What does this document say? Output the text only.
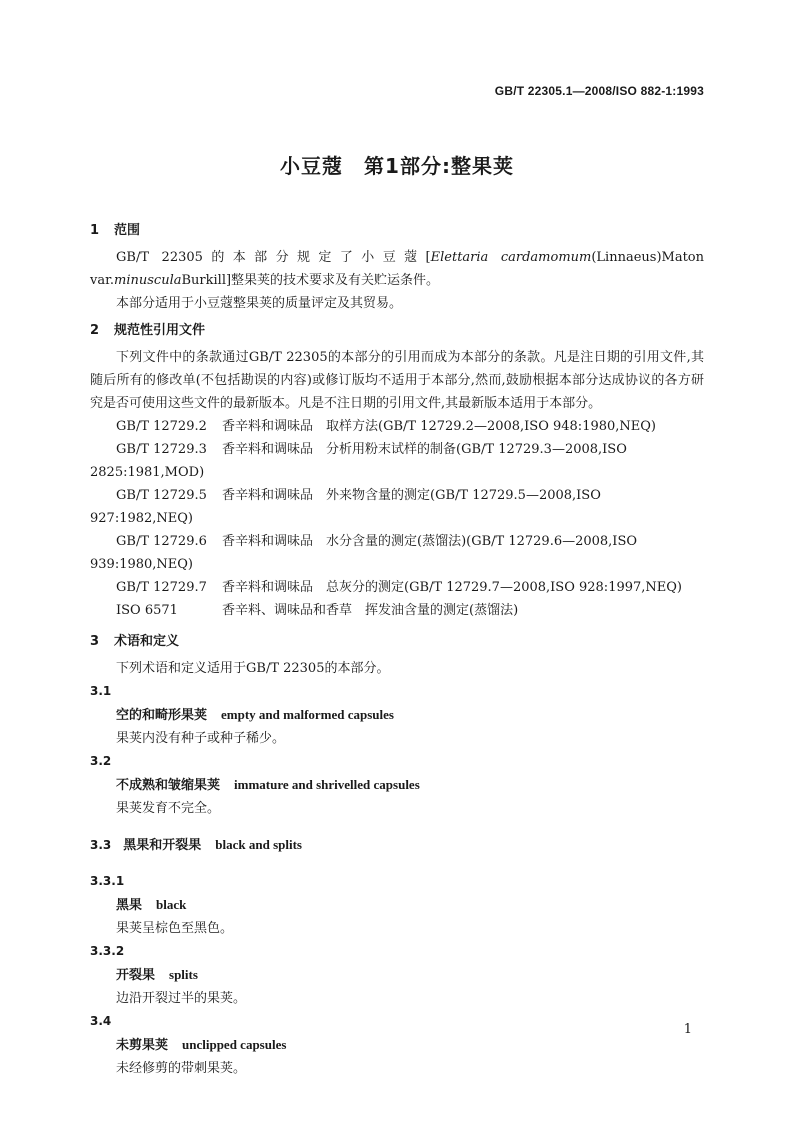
GB/T 22305.1—2008/ISO 882-1:1993
小豆蔻　第1部分:整果荚
1 范围

GB/T 22305的本部分规定了小豆蔻[Elettaria cardamomum(Linnaeus)Maton var.minusculaBurkill]整果荚的技术要求及有关贮运条件。

本部分适用于小豆蔻整果荚的质量评定及其贸易。

2 规范性引用文件

下列文件中的条款通过GB/T 22305的本部分的引用而成为本部分的条款。凡是注日期的引用文件,其随后所有的修改单(不包括勘误的内容)或修订版均不适用于本部分,然而,鼓励根据本部分达成协议的各方研究是否可使用这些文件的最新版本。凡是不注日期的引用文件,其最新版本适用于本部分。

GB/T 12729.2 香辛料和调味品　取样方法(GB/T 12729.2—2008,ISO 948:1980,NEQ)

GB/T 12729.3 香辛料和调味品　分析用粉末试样的制备(GB/T 12729.3—2008,ISO 2825:1981,MOD)

GB/T 12729.5 香辛料和调味品　外来物含量的测定(GB/T 12729.5—2008,ISO 927:1982,NEQ)

GB/T 12729.6 香辛料和调味品　水分含量的测定(蒸馏法)(GB/T 12729.6—2008,ISO 939:1980,NEQ)

GB/T 12729.7 香辛料和调味品　总灰分的测定(GB/T 12729.7—2008,ISO 928:1997,NEQ)

ISO 6571	香辛料、调味品和香草　挥发油含量的测定(蒸馏法)

3 术语和定义

下列术语和定义适用于GB/T 22305的本部分。

3.1

空的和畸形果荚 empty and malformed capsules

果荚内没有种子或种子稀少。

3.2

不成熟和皱缩果荚 immature and shrivelled capsules

果荚发育不完全。

3.3 黑果和开裂果 black and splits

3.3.1

黑果 black

果荚呈棕色至黑色。

3.3.2

开裂果 splits

边沿开裂过半的果荚。

3.4

未剪果荚 unclipped capsules

未经修剪的带刺果荚。

1
